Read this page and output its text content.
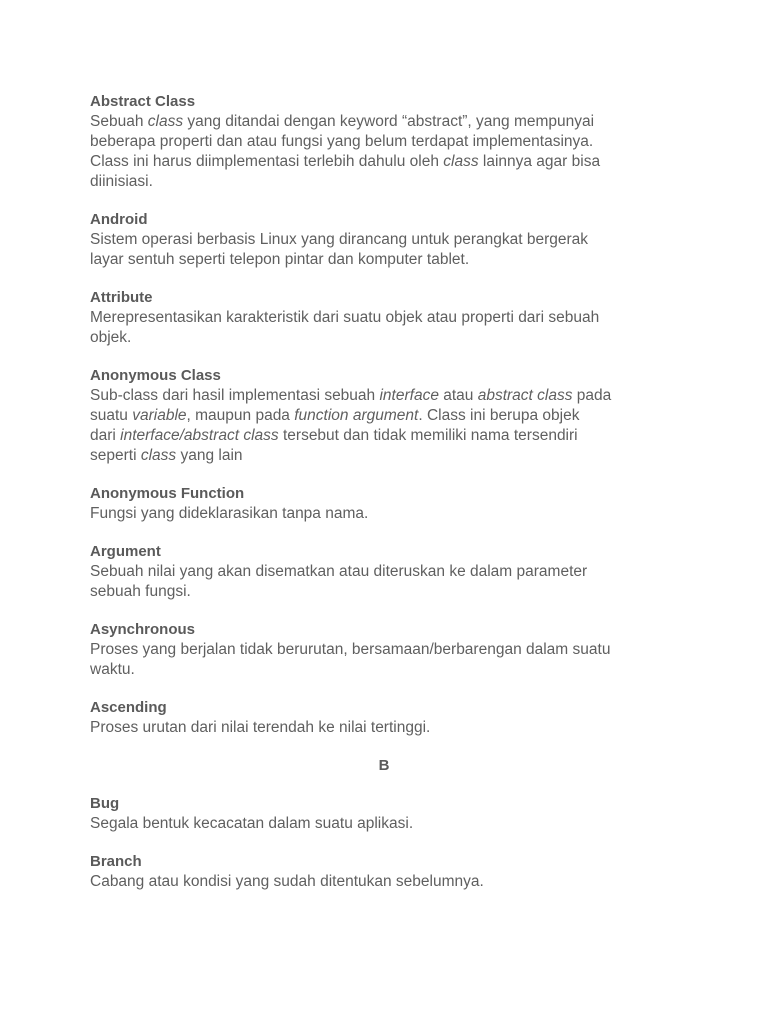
Abstract Class
Sebuah class yang ditandai dengan keyword “abstract”, yang mempunyai
beberapa properti dan atau fungsi yang belum terdapat implementasinya.
Class ini harus diimplementasi terlebih dahulu oleh class lainnya agar bisa
diinisiasi.
Android
Sistem operasi berbasis Linux yang dirancang untuk perangkat bergerak
layar sentuh seperti telepon pintar dan komputer tablet.
Attribute
Merepresentasikan karakteristik dari suatu objek atau properti dari sebuah
objek.
Anonymous Class
Sub-class dari hasil implementasi sebuah interface atau abstract class pada
suatu variable, maupun pada function argument. Class ini berupa objek
dari interface/abstract class tersebut dan tidak memiliki nama tersendiri
seperti class yang lain
Anonymous Function
Fungsi yang dideklarasikan tanpa nama.
Argument
Sebuah nilai yang akan disematkan atau diteruskan ke dalam parameter
sebuah fungsi.
Asynchronous
Proses yang berjalan tidak berurutan, bersamaan/berbarengan dalam suatu
waktu.
Ascending
Proses urutan dari nilai terendah ke nilai tertinggi.
B
Bug
Segala bentuk kecacatan dalam suatu aplikasi.
Branch
Cabang atau kondisi yang sudah ditentukan sebelumnya.
